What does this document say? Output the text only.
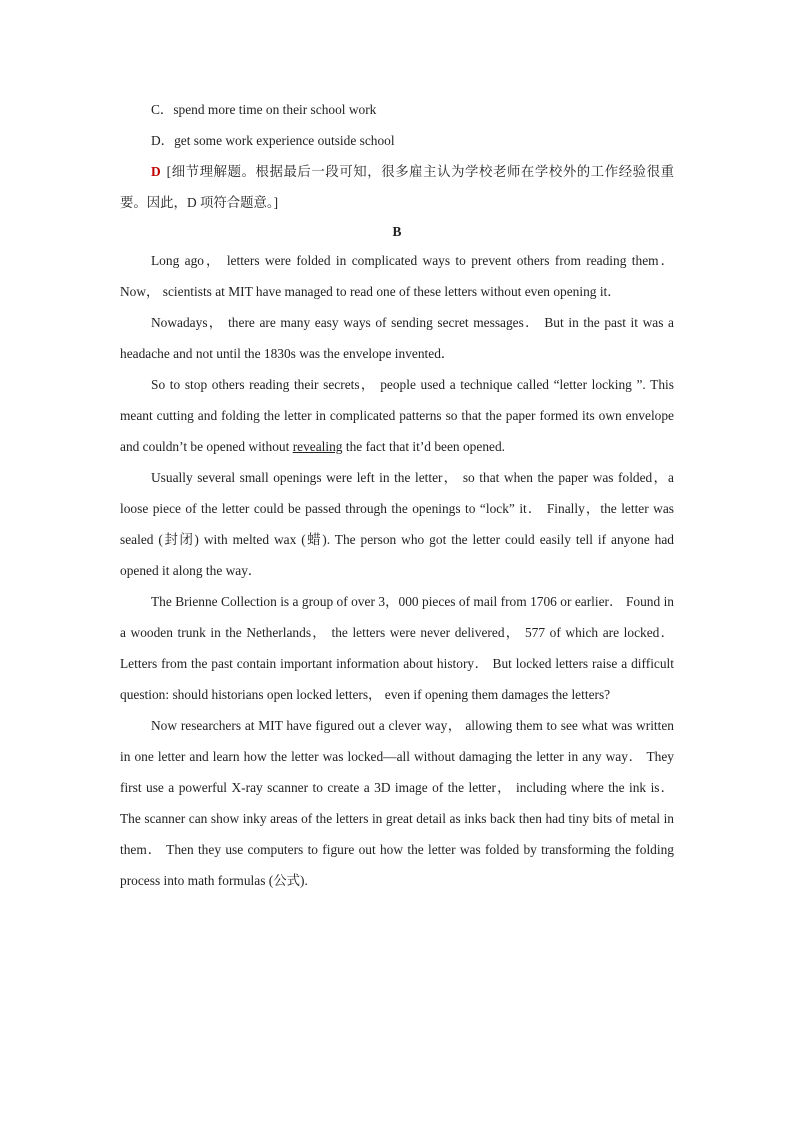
C．spend more time on their school work
D．get some work experience outside school

D [细节理解题。根据最后一段可知，很多雇主认为学校老师在学校外的工作经验很重要。因此，D 项符合题意。]

B

Long ago， letters were folded in complicated ways to prevent others from reading them． Now， scientists at MIT have managed to read one of these letters without even opening it．

Nowadays， there are many easy ways of sending secret messages． But in the past it was a headache and not until the 1830s was the envelope invented．

So to stop others reading their secrets， people used a technique called “letter locking ”. This meant cutting and folding the letter in complicated patterns so that the paper formed its own envelope and couldn’t be opened without revealing the fact that it’d been opened.

Usually several small openings were left in the letter， so that when the paper was folded，a loose piece of the letter could be passed through the openings to “lock” it． Finally，the letter was sealed (封闭) with melted wax (蜡). The person who got the letter could easily tell if anyone had opened it along the way．

The Brienne Collection is a group of over 3，000 pieces of mail from 1706 or earlier． Found in a wooden trunk in the Netherlands， the letters were never delivered， 577 of which are locked． Letters from the past contain important information about history． But locked letters raise a difficult question: should historians open locked letters， even if opening them damages the letters?

Now researchers at MIT have figured out a clever way， allowing them to see what was written in one letter and learn how the letter was locked—all without damaging the letter in any way． They first use a powerful X-ray scanner to create a 3D image of the letter， including where the ink is． The scanner can show inky areas of the letters in great detail as inks back then had tiny bits of metal in them． Then they use computers to figure out how the letter was folded by transforming the folding process into math formulas (公式).
